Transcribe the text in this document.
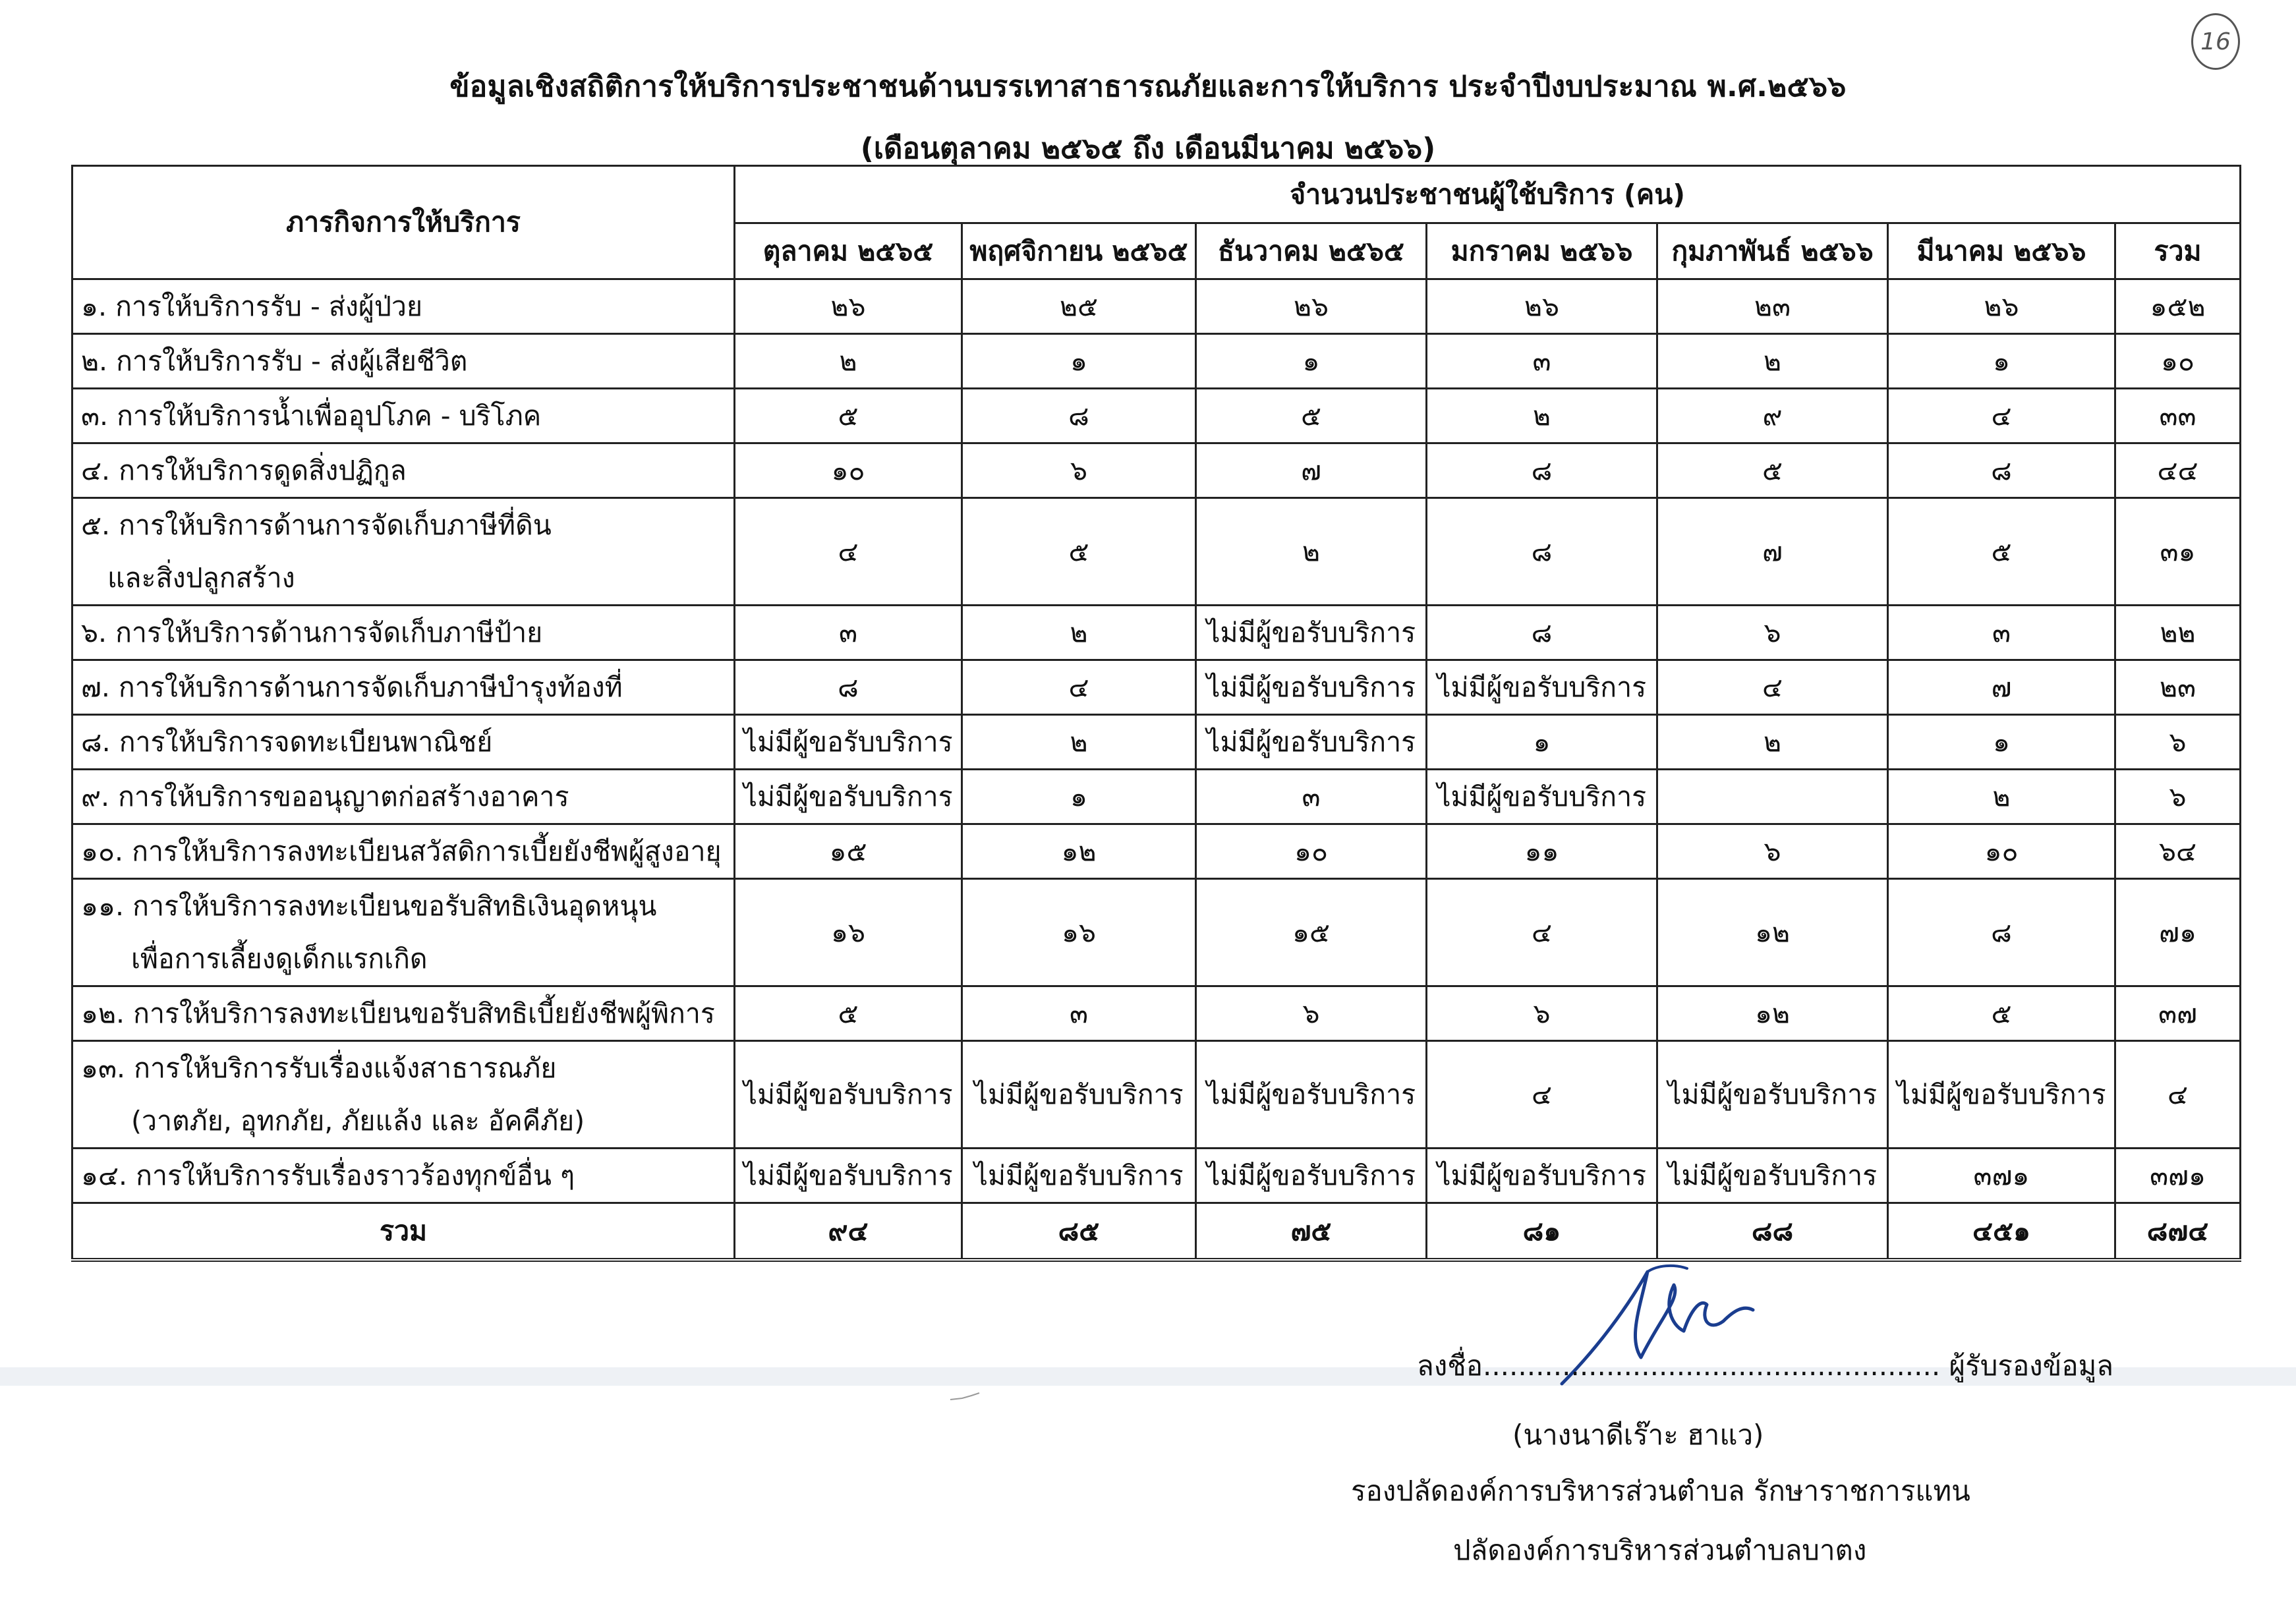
16
ข้อมูลเชิงสถิติการให้บริการประชาชนด้านบรรเทาสาธารณภัยและการให้บริการ ประจำปีงบประมาณ พ.ศ.๒๕๖๖
(เดือนตุลาคม ๒๕๖๕ ถึง เดือนมีนาคม ๒๕๖๖)
ภารกิจการให้บริการ	จำนวนประชาชนผู้ใช้บริการ (คน)						
	ตุลาคม ๒๕๖๕	พฤศจิกายน ๒๕๖๕	ธันวาคม ๒๕๖๕	มกราคม ๒๕๖๖	กุมภาพันธ์ ๒๕๖๖	มีนาคม ๒๕๖๖	รวม

๑. การให้บริการรับ - ส่งผู้ป่วย	๒๖	๒๕	๒๖	๒๖	๒๓	๒๖	๑๕๒

๒. การให้บริการรับ - ส่งผู้เสียชีวิต	๒	๑	๑	๓	๒	๑	๑๐

๓. การให้บริการน้ำเพื่ออุปโภค - บริโภค	๕	๘	๕	๒	๙	๔	๓๓

๔. การให้บริการดูดสิ่งปฏิกูล	๑๐	๖	๗	๘	๕	๘	๔๔

๕. การให้บริการด้านการจัดเก็บภาษีที่ดิน
และสิ่งปลูกสร้าง	๔	๕	๒	๘	๗	๕	๓๑

๖. การให้บริการด้านการจัดเก็บภาษีป้าย	๓	๒	ไม่มีผู้ขอรับบริการ	๘	๖	๓	๒๒

๗. การให้บริการด้านการจัดเก็บภาษีบำรุงท้องที่	๘	๔	ไม่มีผู้ขอรับบริการ	ไม่มีผู้ขอรับบริการ	๔	๗	๒๓

๘. การให้บริการจดทะเบียนพาณิชย์	ไม่มีผู้ขอรับบริการ	๒	ไม่มีผู้ขอรับบริการ	๑	๒	๑	๖

๙. การให้บริการขออนุญาตก่อสร้างอาคาร	ไม่มีผู้ขอรับบริการ	๑	๓	ไม่มีผู้ขอรับบริการ		๒	๖

๑๐. การให้บริการลงทะเบียนสวัสดิการเบี้ยยังชีพผู้สูงอายุ	๑๕	๑๒	๑๐	๑๑	๖	๑๐	๖๔

๑๑. การให้บริการลงทะเบียนขอรับสิทธิเงินอุดหนุน
เพื่อการเลี้ยงดูเด็กแรกเกิด	๑๖	๑๖	๑๕	๔	๑๒	๘	๗๑

๑๒. การให้บริการลงทะเบียนขอรับสิทธิเบี้ยยังชีพผู้พิการ	๕	๓	๖	๖	๑๒	๕	๓๗

๑๓. การให้บริการรับเรื่องแจ้งสาธารณภัย
(วาตภัย, อุทกภัย, ภัยแล้ง และ อัคคีภัย)	ไม่มีผู้ขอรับบริการ	ไม่มีผู้ขอรับบริการ	ไม่มีผู้ขอรับบริการ	๔	ไม่มีผู้ขอรับบริการ	ไม่มีผู้ขอรับบริการ	๔

๑๔. การให้บริการรับเรื่องราวร้องทุกข์อื่น ๆ	ไม่มีผู้ขอรับบริการ	ไม่มีผู้ขอรับบริการ	ไม่มีผู้ขอรับบริการ	ไม่มีผู้ขอรับบริการ	ไม่มีผู้ขอรับบริการ	๓๗๑	๓๗๑
รวม	๙๔	๘๕	๗๕	๘๑	๘๘	๔๕๑	๘๗๔
ลงชื่อ.................................................... ผู้รับรองข้อมูล
(นางนาดีเร๊าะ ฮาแว)
รองปลัดองค์การบริหารส่วนตำบล รักษาราชการแทน
ปลัดองค์การบริหารส่วนตำบลบาตง
